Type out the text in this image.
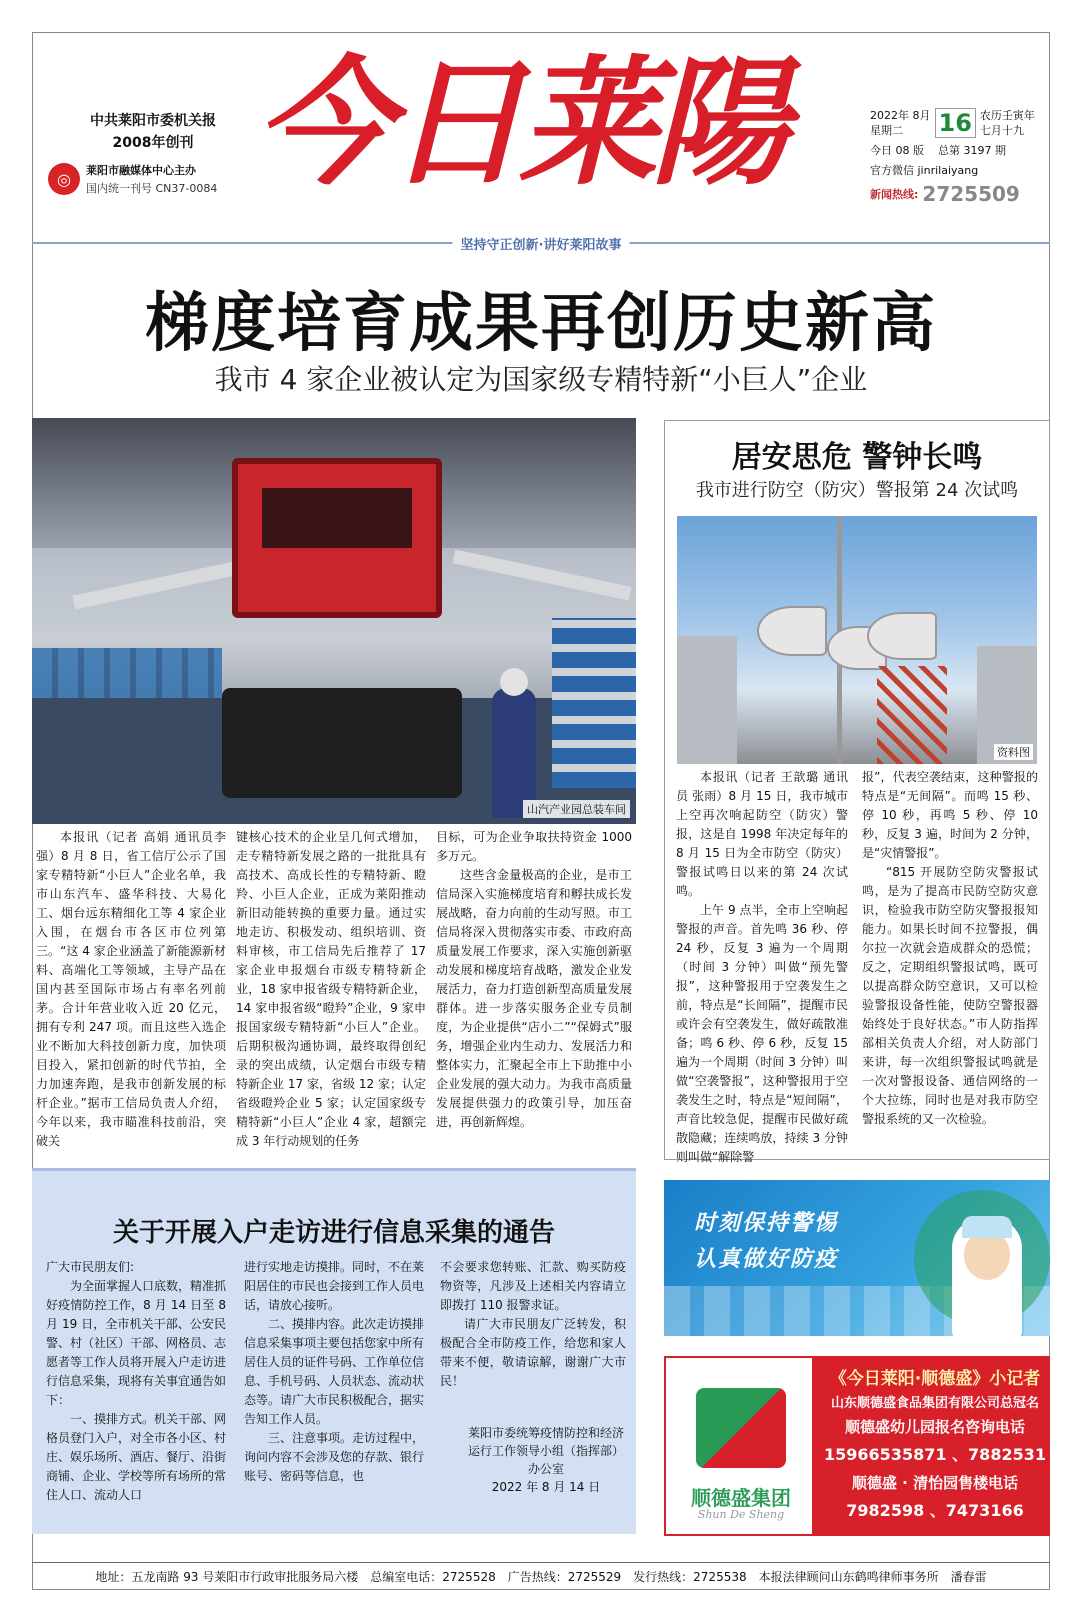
中共莱阳市委机关报
2008年创刊
◎	莱阳市融媒体中心主办
国内统一刊号 CN37-0084 今日莱陽	2022年 8月
星期二	16 农历壬寅年
七月十九
今日 08 版 总第 3197 期
官方微信 jinrilaiyang
新闻热线: 2725509
坚持守正创新·讲好莱阳故事
梯度培育成果再创历史新高
我市 4 家企业被认定为国家级专精特新“小巨人”企业
山汽产业园总装车间

本报讯（记者 高娟 通讯员李强）8 月 8 日，省工信厅公示了国家专精特新“小巨人”企业名单，我市山东汽车、盛华科技、大易化工、烟台远东精细化工等 4 家企业入围，在烟台市各区市位列第三。“这 4 家企业涵盖了新能源新材料、高端化工等领域，主导产品在国内甚至国际市场占有率名列前茅。合计年营业收入近 20 亿元，拥有专利 247 项。而且这些入选企业不断加大科技创新力度，加快项目投入，紧扣创新的时代节拍，全力加速奔跑，是我市创新发展的标杆企业。”据市工信局负责人介绍，今年以来，我市瞄准科技前沿，突破关

键核心技术的企业呈几何式增加，走专精特新发展之路的一批批具有高技术、高成长性的专精特新、瞪羚、小巨人企业，正成为莱阳推动新旧动能转换的重要力量。通过实地走访、积极发动、组织培训、资料审核，市工信局先后推荐了 17 家企业申报烟台市级专精特新企业，18 家申报省级专精特新企业，14 家申报省级“瞪羚”企业，9 家申报国家级专精特新“小巨人”企业。后期积极沟通协调，最终取得创纪录的突出成绩，认定烟台市级专精特新企业 17 家，省级 12 家；认定省级瞪羚企业 5 家；认定国家级专精特新“小巨人”企业 4 家，超额完成 3 年行动规划的任务
目标，可为企业争取扶持资金 1000 多万元。

这些含金量极高的企业，是市工信局深入实施梯度培育和孵扶成长发展战略，奋力向前的生动写照。市工信局将深入贯彻落实市委、市政府高质量发展工作要求，深入实施创新驱动发展和梯度培育战略，激发企业发展活力，奋力打造创新型高质量发展群体。进一步落实服务企业专员制度，为企业提供“店小二”“保姆式”服务，增强企业内生动力、发展活力和整体实力，汇聚起全市上下助推中小企业发展的强大动力。为我市高质量发展提供强力的政策引导，加压奋进，再创新辉煌。

居安思危 警钟长鸣
我市进行防空（防灾）警报第 24 次试鸣
资料图

本报讯（记者 王歆璐 通讯员 张雨）8 月 15 日，我市城市上空再次响起防空（防灾）警报，这是自 1998 年决定每年的 8 月 15 日为全市防空（防灾）警报试鸣日以来的第 24 次试鸣。

上午 9 点半，全市上空响起警报的声音。首先鸣 36 秒、停 24 秒，反复 3 遍为一个周期（时间 3 分钟）叫做“预先警报”，这种警报用于空袭发生之前，特点是“长间隔”，提醒市民或许会有空袭发生，做好疏散准备；鸣 6 秒、停 6 秒，反复 15 遍为一个周期（时间 3 分钟）叫做“空袭警报”，这种警报用于空袭发生之时，特点是“短间隔”，声音比较急促，提醒市民做好疏散隐藏；连续鸣放，持续 3 分钟则叫做“解除警

报”，代表空袭结束，这种警报的特点是“无间隔”。而鸣 15 秒、停 10 秒，再鸣 5 秒、停 10 秒，反复 3 遍，时间为 2 分钟，是“灾情警报”。

“815 开展防空防灾警报试鸣，是为了提高市民防空防灾意识，检验我市防空防灾警报报知能力。如果长时间不拉警报，偶尔拉一次就会造成群众的恐慌；反之，定期组织警报试鸣，既可以提高群众防空意识，又可以检验警报设备性能，使防空警报器始终处于良好状态。”市人防指挥部相关负责人介绍，对人防部门来讲，每一次组织警报试鸣就是一次对警报设备、通信网络的一个大拉练，同时也是对我市防空警报系统的又一次检验。

关于开展入户走访进行信息采集的通告
广大市民朋友们:

为全面掌握人口底数，精准抓好疫情防控工作，8 月 14 日至 8 月 19 日，全市机关干部、公安民警、村（社区）干部、网格员、志愿者等工作人员将开展入户走访进行信息采集，现将有关事宜通告如下：

一、摸排方式。机关干部、网格员登门入户，对全市各小区、村庄、娱乐场所、酒店、餐厅、沿街商铺、企业、学校等所有场所的常住人口、流动人口

进行实地走访摸排。同时，不在莱阳居住的市民也会接到工作人员电话，请放心接听。

二、摸排内容。此次走访摸排信息采集事项主要包括您家中所有居住人员的证件号码、工作单位信息、手机号码、人员状态、流动状态等。请广大市民积极配合，据实告知工作人员。

三、注意事项。走访过程中，询问内容不会涉及您的存款、银行账号、密码等信息，也

不会要求您转账、汇款、购买防疫物资等，凡涉及上述相关内容请立即拨打 110 报警求证。

请广大市民朋友广泛转发，积极配合全市防疫工作，给您和家人带来不便，敬请谅解，谢谢广大市民！

莱阳市委统筹疫情防控和经济运行工作领导小组（指挥部）办公室
2022 年 8 月 14 日
时刻保持警惕
认真做好防疫
顺德盛集团
Shun De Sheng
《今日莱阳·顺德盛》小记者
山东顺德盛食品集团有限公司总冠名
顺德盛幼儿园报名咨询电话
15966535871 、7882531
顺德盛 · 清怡园售楼电话
7982598 、7473166
地址：五龙南路 93 号莱阳市行政审批服务局六楼　总编室电话：2725528　广告热线：2725529　发行热线：2725538　本报法律顾问山东鹤鸣律师事务所　潘春雷
